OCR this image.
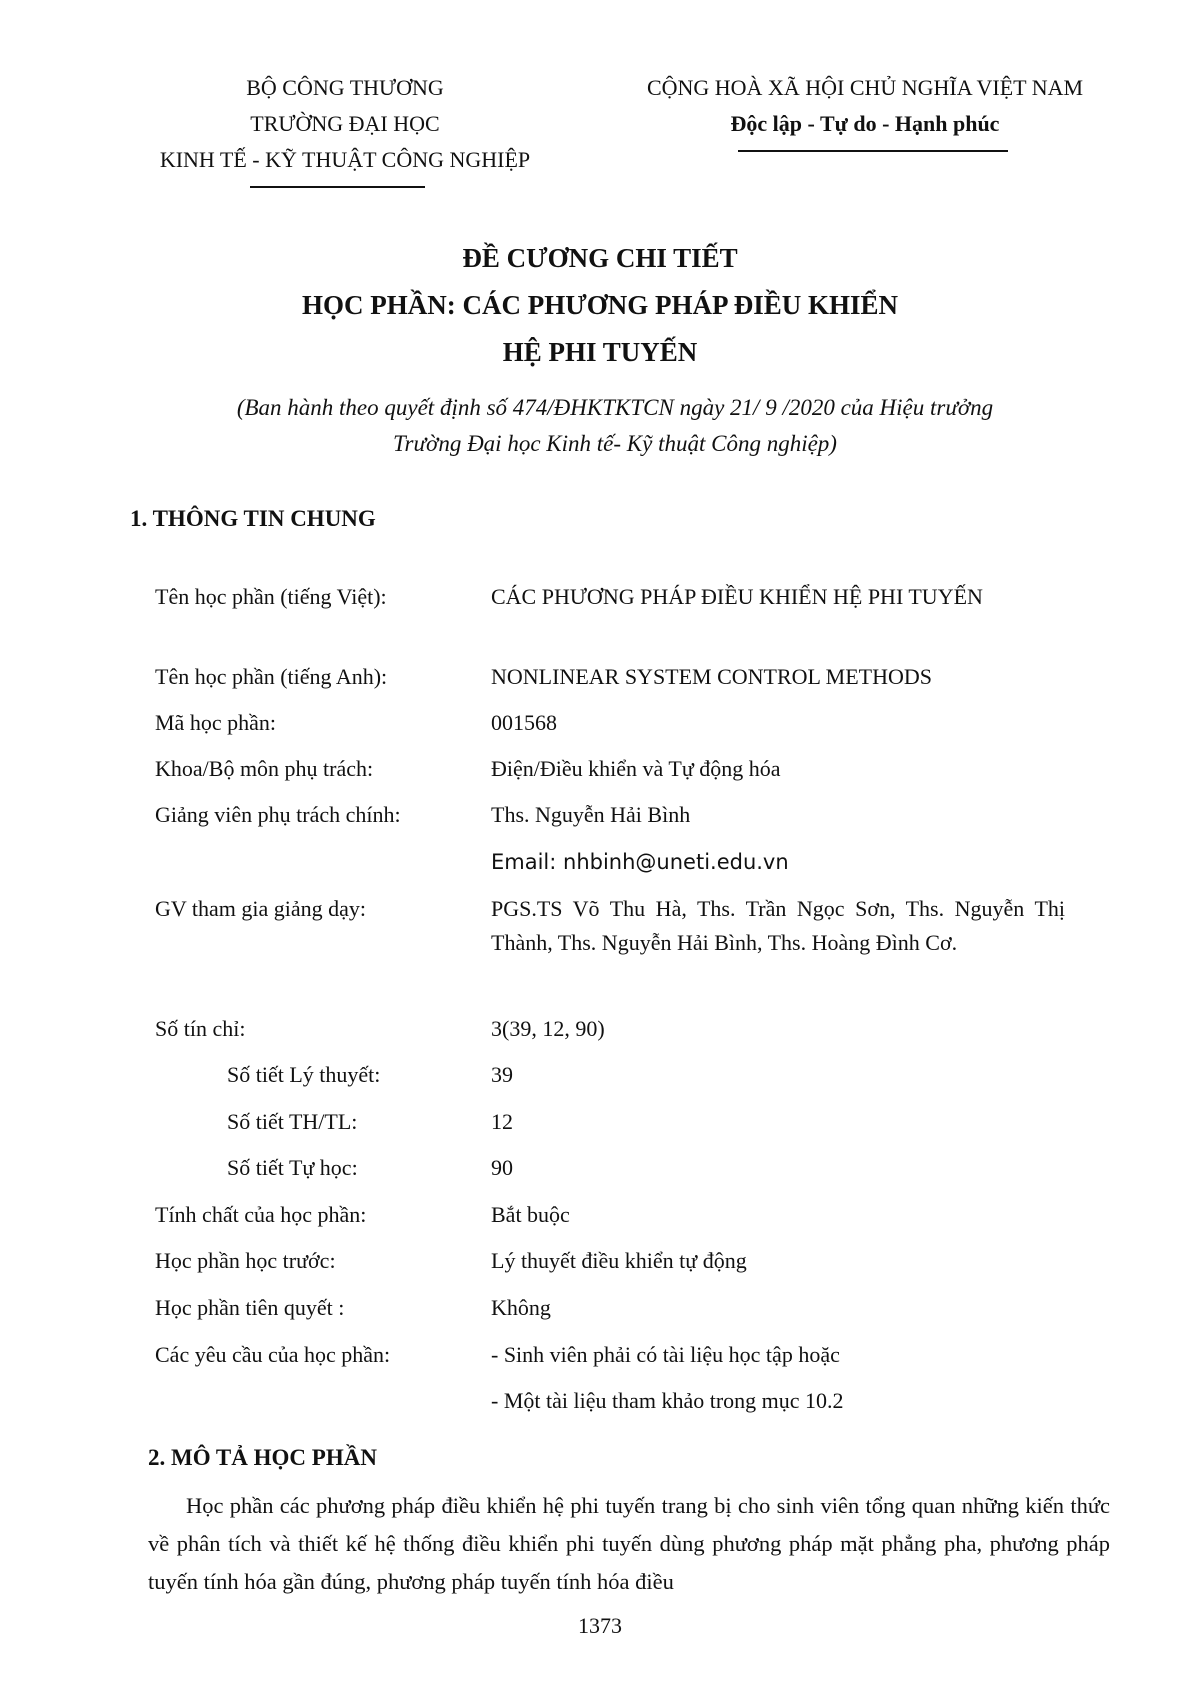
BỘ CÔNG THƯƠNG
TRƯỜNG ĐẠI HỌC
KINH TẾ - KỸ THUẬT CÔNG NGHIỆP
CỘNG HOÀ XÃ HỘI CHỦ NGHĨA VIỆT NAM
Độc lập - Tự do - Hạnh phúc
ĐỀ CƯƠNG CHI TIẾT
HỌC PHẦN: CÁC PHƯƠNG PHÁP ĐIỀU KHIỂN
HỆ PHI TUYẾN
(Ban hành theo quyết định số 474/ĐHKTKTCN ngày 21/ 9 /2020 của Hiệu trưởng
Trường Đại học Kinh tế- Kỹ thuật Công nghiệp)
1. THÔNG TIN CHUNG
Tên học phần (tiếng Việt):	CÁC PHƯƠNG PHÁP ĐIỀU KHIỂN HỆ PHI TUYẾN
Tên học phần (tiếng Anh):	NONLINEAR SYSTEM CONTROL METHODS
Mã học phần:	001568
Khoa/Bộ môn phụ trách:	Điện/Điều khiển và Tự động hóa
Giảng viên phụ trách chính:	Ths. Nguyễn Hải Bình
Email: nhbinh@uneti.edu.vn
GV tham gia giảng dạy:	PGS.TS Võ Thu Hà, Ths. Trần Ngọc Sơn, Ths. Nguyễn Thị Thành, Ths. Nguyễn Hải Bình, Ths. Hoàng Đình Cơ.
Số tín chỉ:	3(39, 12, 90)
Số tiết Lý thuyết:	39
Số tiết TH/TL:	12
Số tiết Tự học:	90
Tính chất của học phần:	Bắt buộc
Học phần học trước:	Lý thuyết điều khiển tự động
Học phần tiên quyết :	Không
Các yêu cầu của học phần:	- Sinh viên phải có tài liệu học tập hoặc
- Một tài liệu tham khảo trong mục 10.2
2. MÔ TẢ HỌC PHẦN
Học phần các phương pháp điều khiển hệ phi tuyến trang bị cho sinh viên tổng quan những kiến thức về phân tích và thiết kế hệ thống điều khiển phi tuyến dùng phương pháp mặt phẳng pha, phương pháp tuyến tính hóa gần đúng, phương pháp tuyến tính hóa điều
1373
